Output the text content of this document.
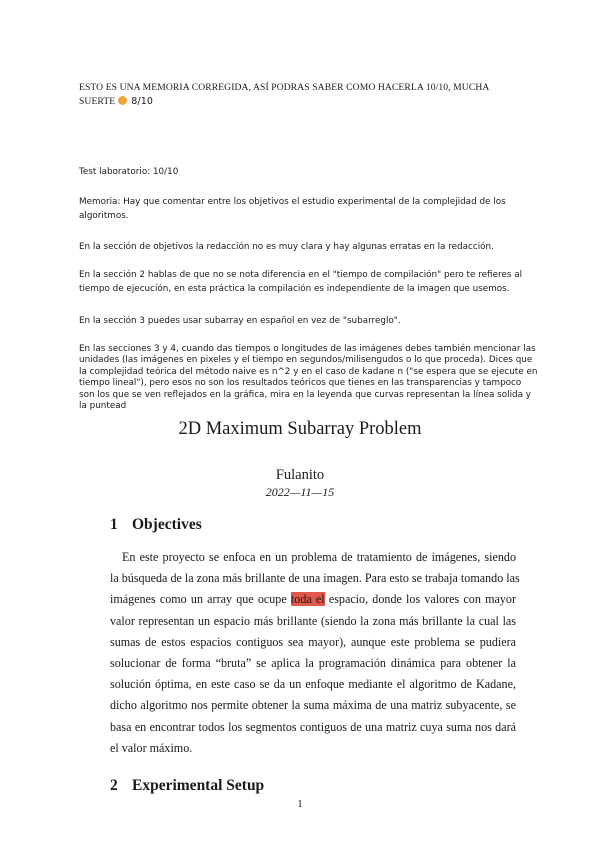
ESTO ES UNA MEMORIA CORREGIDA, ASÍ PODRAS SABER COMO HACERLA 10/10, MUCHA SUERTE 8/10
Test laboratorio: 10/10
Memoria: Hay que comentar entre los objetivos el estudio experimental de la complejidad de los algoritmos.
En la sección de objetivos la redacción no es muy clara y hay algunas erratas en la redacción.
En la sección 2 hablas de que no se nota diferencia en el "tiempo de compilación" pero te refieres al tiempo de ejecución, en esta práctica la compilación es independiente de la imagen que usemos.
En la sección 3 puedes usar subarray en español en vez de "subarreglo".
En las secciones 3 y 4, cuando das tiempos o longitudes de las imágenes debes también mencionar las unidades (las imágenes en pixeles y el tiempo en segundos/milisengudos o lo que proceda). Dices que la complejidad teórica del método naive es n^2 y en el caso de kadane n ("se espera que se ejecute en tiempo lineal"), pero esos no son los resultados teóricos que tienes en las transparencias y tampoco son los que se ven reflejados en la gráfica, mira en la leyenda que curvas representan la línea solida y la puntead
2D Maximum Subarray Problem
Fulanito
2022—11—15
1 Objectives
En este proyecto se enfoca en un problema de tratamiento de imágenes, siendo
la búsqueda de la zona más brillante de una imagen. Para esto se trabaja tomando las
imágenes como un array que ocupe toda el espacio, donde los valores con mayor
valor representan un espacio más brillante (siendo la zona más brillante la cual las
sumas de estos espacios contiguos sea mayor), aunque este problema se pudiera
solucionar de forma “bruta” se aplica la programación dinámica para obtener la
solución óptima, en este caso se da un enfoque mediante el algoritmo de Kadane,
dicho algoritmo nos permite obtener la suma máxima de una matriz subyacente, se
basa en encontrar todos los segmentos contiguos de una matriz cuya suma nos dará
el valor máximo.
2 Experimental Setup
1
